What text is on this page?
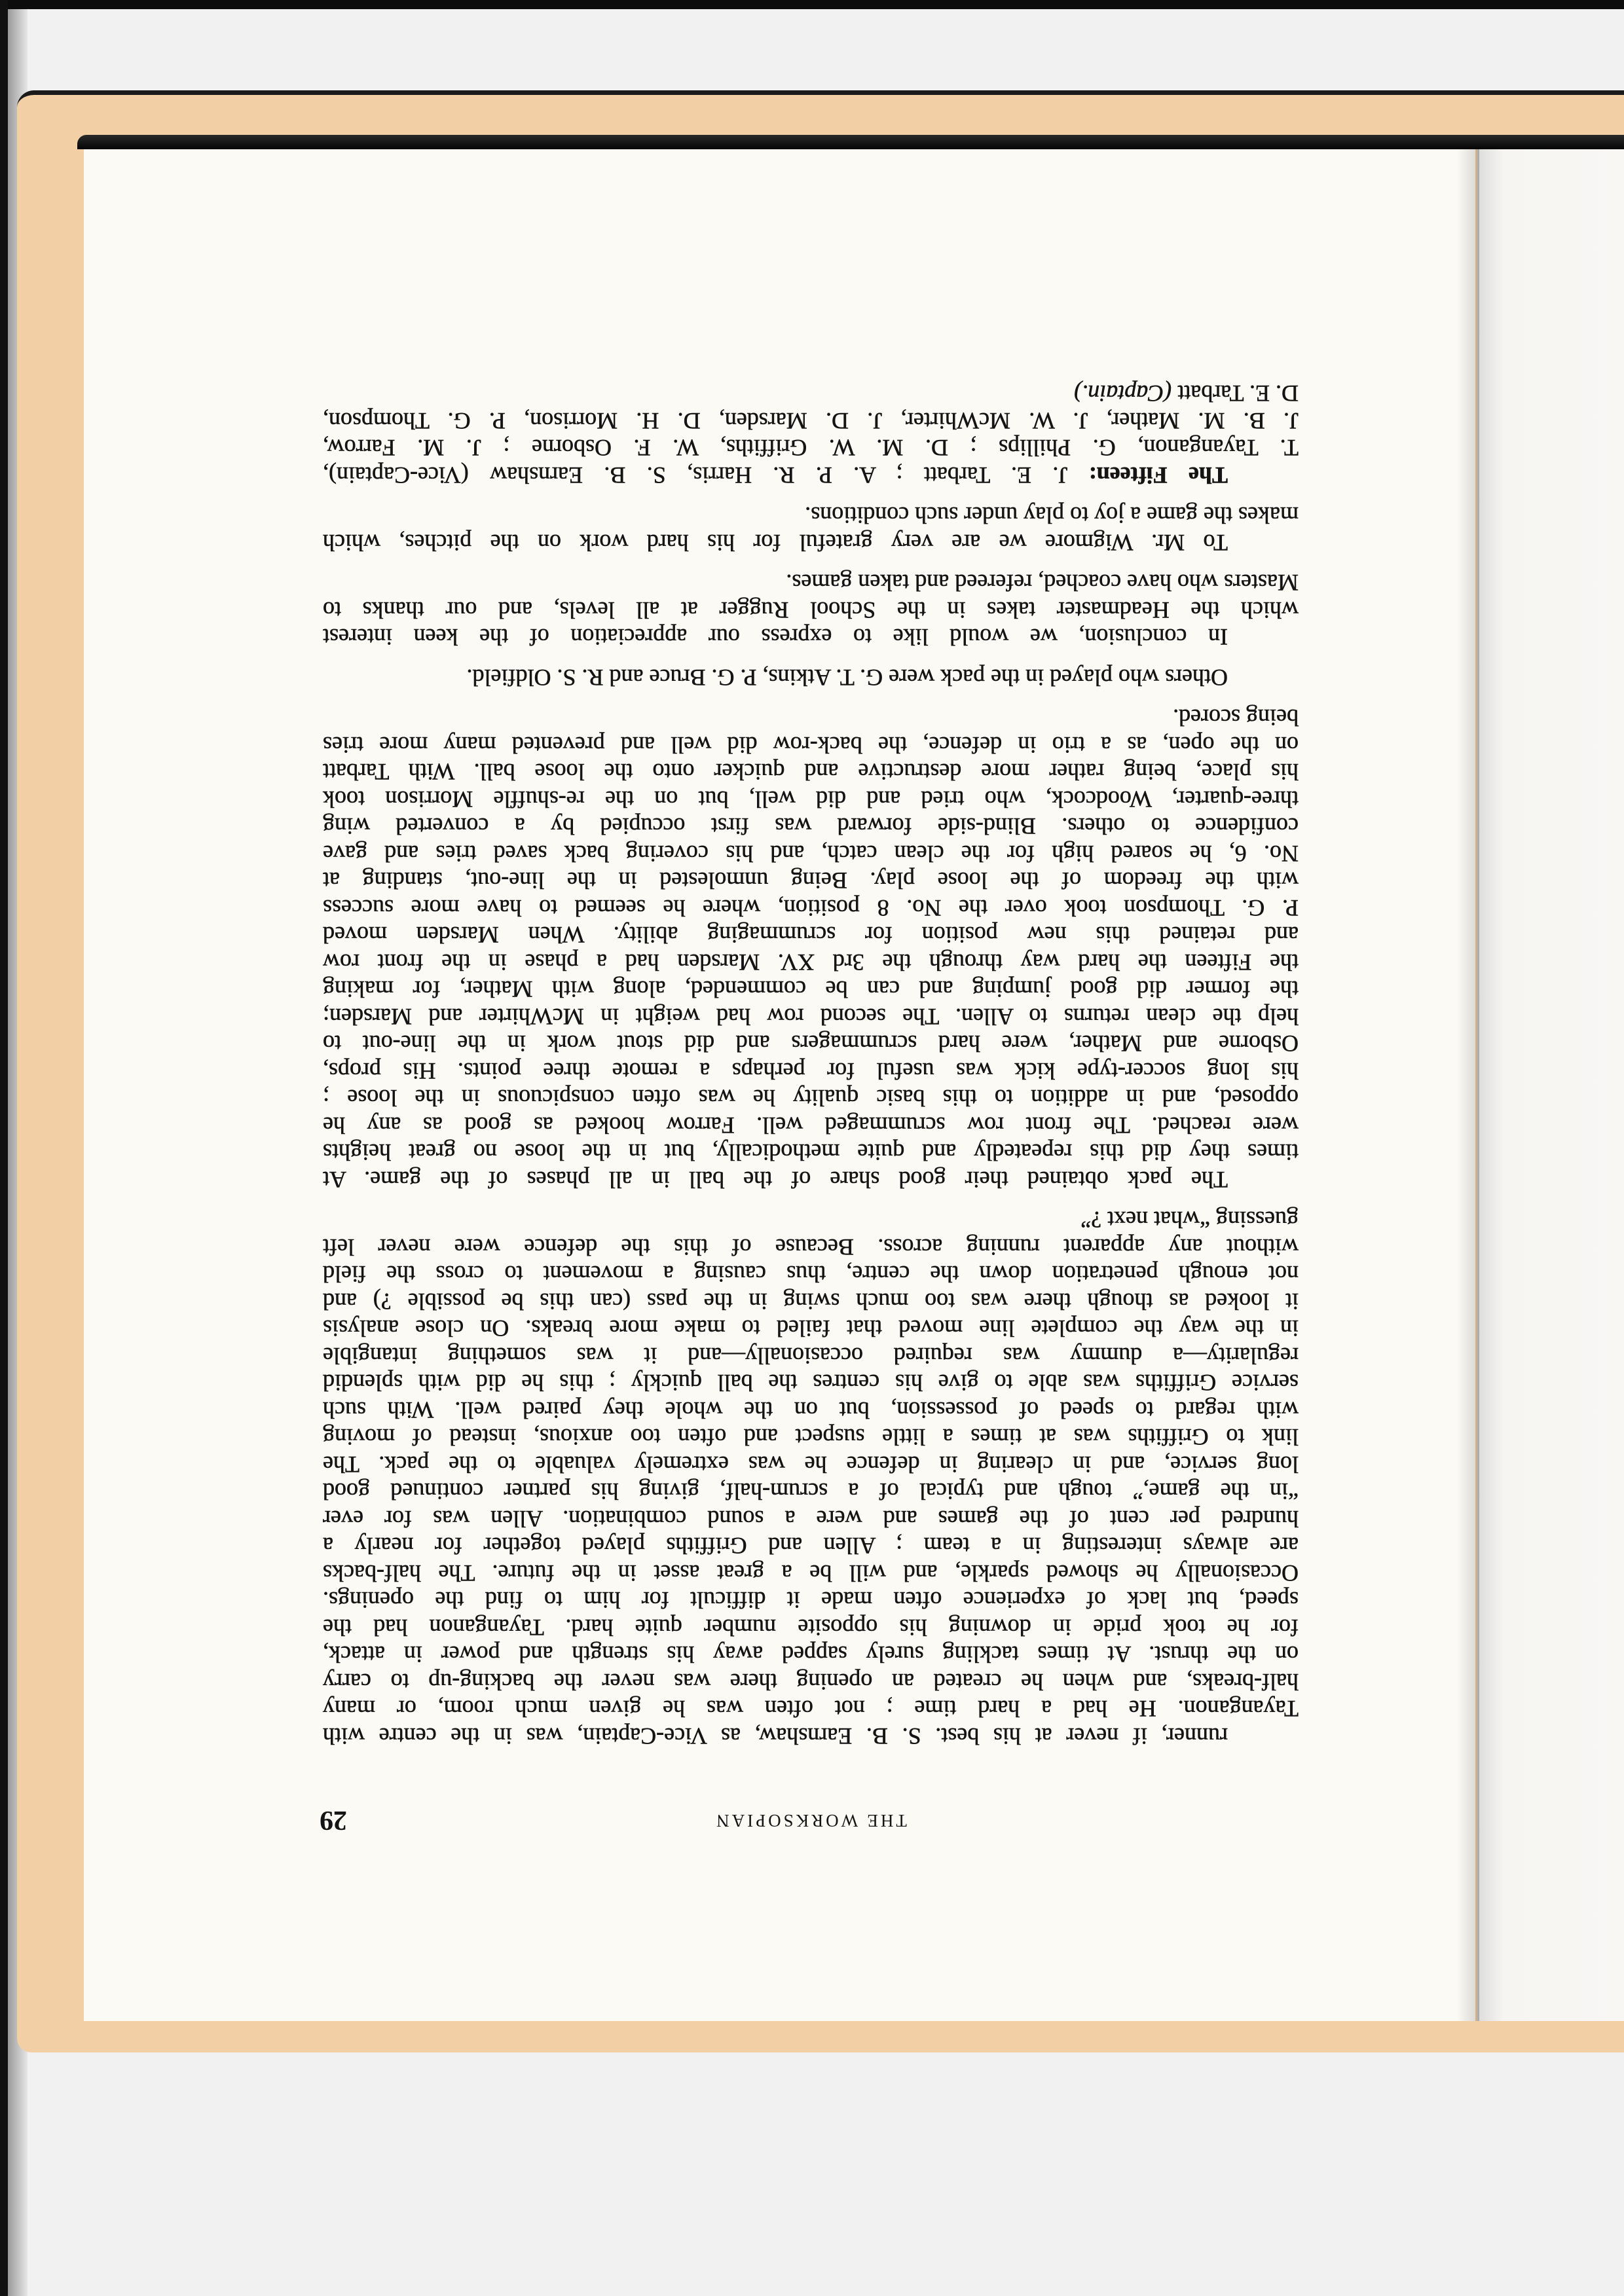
THE WORKSOPIAN
29
runner, if never at his best. S. B. Earnshaw, as Vice-Captain, was in the centre with
Tayanganon. He had a hard time ; not often was he given much room, or many
half-breaks, and when he created an opening there was never the backing-up to carry
on the thrust. At times tackling surely sapped away his strength and power in attack,
for he took pride in downing his opposite number quite hard. Tayanganon had the
speed, but lack of experience often made it difficult for him to find the openings.
Occasionally he showed sparkle, and will be a great asset in the future. The half-backs
are always interesting in a team ; Allen and Griffiths played together for nearly a
hundred per cent of the games and were a sound combination. Allen was for ever
“in the game,” tough and typical of a scrum-half, giving his partner continued good
long service, and in clearing in defence he was extremely valuable to the pack. The
link to Griffiths was at times a little suspect and often too anxious, instead of moving
with regard to speed of possession, but on the whole they paired well. With such
service Griffiths was able to give his centres the ball quickly ; this he did with splendid
regularity—a dummy was required occasionally—and it was something intangible
in the way the complete line moved that failed to make more breaks. On close analysis
it looked as though there was too much swing in the pass (can this be possible ?) and
not enough penetration down the centre, thus causing a movement to cross the field
without any apparent running across. Because of this the defence were never left
guessing “what next ?”
The pack obtained their good share of the ball in all phases of the game. At
times they did this repeatedly and quite methodically, but in the loose no great heights
were reached. The front row scrummaged well. Farrow hooked as good as any he
opposed, and in addition to this basic quality he was often conspicuous in the loose ;
his long soccer-type kick was useful for perhaps a remote three points. His props,
Osborne and Mather, were hard scrummagers and did stout work in the line-out to
help the clean returns to Allen. The second row had weight in McWhirter and Marsden;
the former did good jumping and can be commended, along with Mather, for making
the Fifteen the hard way through the 3rd XV. Marsden had a phase in the front row
and retained this new position for scrummaging ability. When Marsden moved
P. G. Thompson took over the No. 8 position, where he seemed to have more success
with the freedom of the loose play. Being unmolested in the line-out, standing at
No. 6, he soared high for the clean catch, and his covering back saved tries and gave
confidence to others. Blind-side forward was first occupied by a converted wing
three-quarter, Woodcock, who tried and did well, but on the re-shuffle Morrison took
his place, being rather more destructive and quicker onto the loose ball. With Tarbatt
on the open, as a trio in defence, the back-row did well and prevented many more tries
being scored.
Others who played in the pack were G. T. Atkins, P. G. Bruce and R. S. Oldfield.
In conclusion, we would like to express our appreciation of the keen interest
which the Headmaster takes in the School Rugger at all levels, and our thanks to
Masters who have coached, refereed and taken games.
To Mr. Wigmore we are very grateful for his hard work on the pitches, which
makes the game a joy to play under such conditions.
The Fifteen: J. E. Tarbatt ; A. P. R. Harris, S. B. Earnshaw (Vice-Captain),
T. Tayanganon, G. Phillips ; D. M. W. Griffiths, W. F. Osborne ; J. M. Farrow,
J. B. M. Mather, J. W. McWhirter, J. D. Marsden, D. H. Morrison, P. G. Thompson,
D. E. Tarbatt (Captain.)
